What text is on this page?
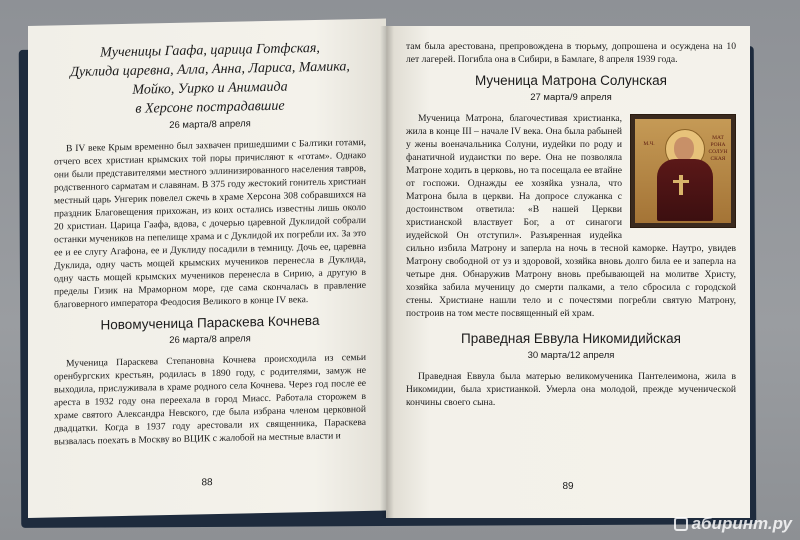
Мученицы Гаафа, царица Готфская,
Дуклида царевна, Алла, Анна, Лариса, Мамика,
Мойко, Уирко и Анимаида
в Херсоне пострадавшие
26 марта/8 апреля

В IV веке Крым временно был захвачен пришедшими с Балтики готами, отчего всех христиан крымских той поры причисляют к «готам». Однако они были представителями местного эллинизированного населения тавров, родственного сарматам и славянам. В 375 году жестокий гонитель христиан местный царь Унгерик повелел сжечь в храме Херсона 308 собравшихся на праздник Благовещения прихожан, из коих остались известны лишь около 20 христиан. Царица Гаафа, вдова, с дочерью царевной Дуклидой собрали останки мучеников на пепелище храма и с Дуклидой их погребли их. За это ее и ее слугу Агафона, ее и Дуклиду посадили в темницу. Дочь ее, царевна Дуклида, одну часть мощей крымских мучеников перенесла в Дуклида, одну часть мощей крымских мучеников перенесла в Сирию, а другую в пределы Гизик на Мраморном море, где сама скончалась в правление благоверного императора Феодосия Великого в конце IV века.

Новомученица Параскева Кочнева
26 марта/8 апреля

Мученица Параскева Степановна Кочнева происходила из семьи оренбургских крестьян, родилась в 1890 году, с родителями, замуж не выходила, прислуживала в храме родного села Кочнева. Через год после ее ареста в 1932 году она переехала в город Миасс. Работала сторожем в храме святого Александра Невского, где была избрана членом церковной двадцатки. Когда в 1937 году арестовали их священника, Параскева вызвалась поехать в Москву во ВЦИК с жалобой на местные власти и

88

там была арестована, препровождена в тюрьму, допрошена и осуждена на 10 лет лагерей. Погибла она в Сибири, в Бамлаге, 8 апреля 1939 года.

Мученица Матрона Солунская
27 марта/9 апреля
М.Ч.
МАТ РОНА СОЛУН СКАЯ

Мученица Матрона, благочестивая христианка, жила в конце III – начале IV века. Она была рабыней у жены военачальника Солуни, иудейки по роду и фанатичной иудаистки по вере. Она не позволяла Матроне ходить в церковь, но та посещала ее втайне от госпожи. Однажды ее хозяйка узнала, что Матрона была в церкви. На допросе служанка с достоинством ответила: «В нашей Церкви христианской властвует Бог, а от синагоги иудейской Он отступил». Разъяренная иудейка сильно избила Матрону и заперла на ночь в тесной каморке. Наутро, увидев Матрону свободной от уз и здоровой, хозяйка вновь долго била ее и заперла на четыре дня. Обнаружив Матрону вновь пребывающей на молитве Христу, хозяйка забила мученицу до смерти палками, а тело сбросила с городской стены. Христиане нашли тело и с почестями погребли святую Матрону, построив на том месте посвященный ей храм.

Праведная Еввула Никомидийская
30 марта/12 апреля

Праведная Еввула была матерью великомученика Пантелеимона, жила в Никомидии, была христианкой. Умерла она молодой, прежде мученической кончины своего сына.

89
абиринт.ру
